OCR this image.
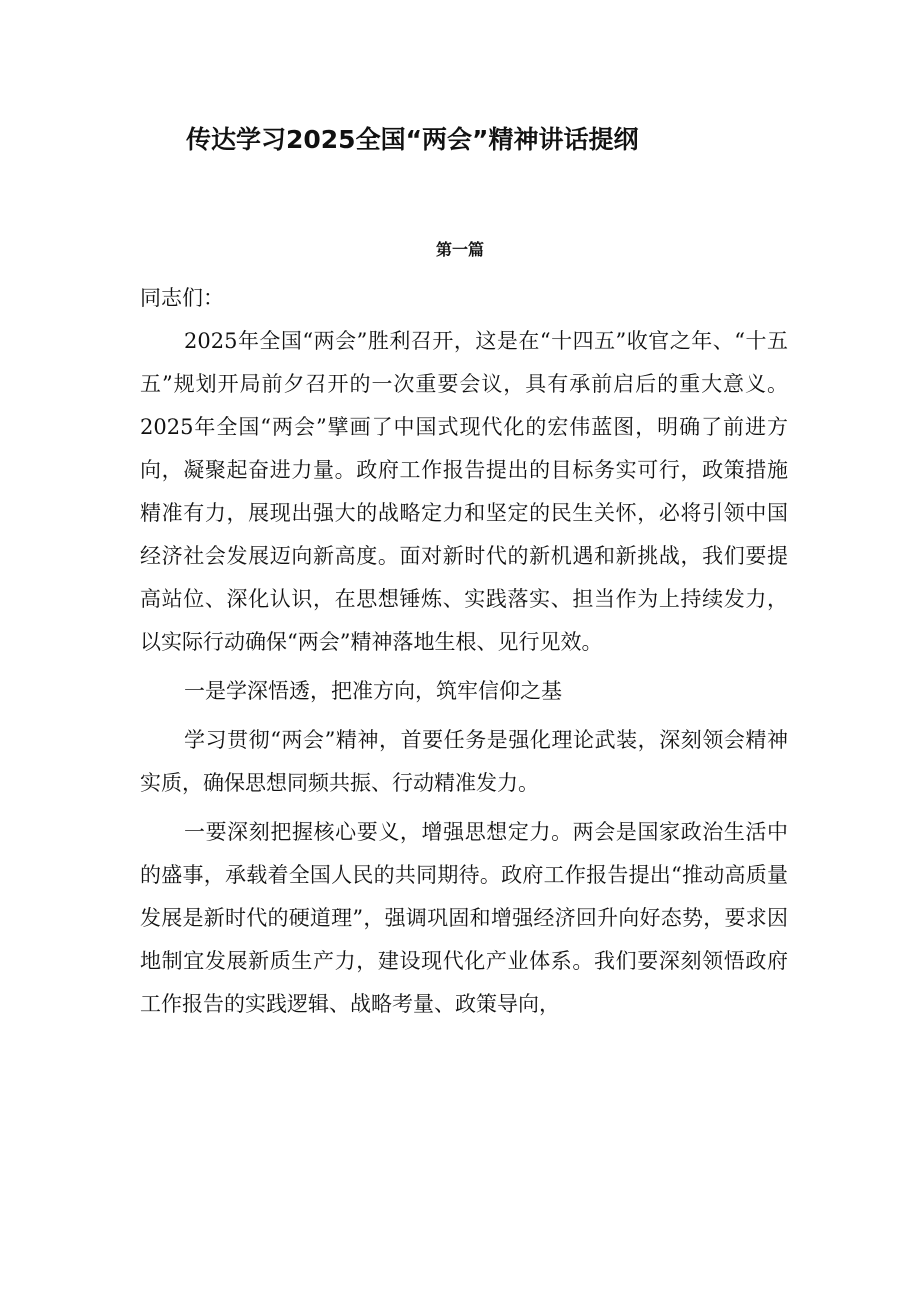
传达学习2025全国“两会”精神讲话提纲
第一篇

同志们：

2025年全国“两会”胜利召开，这是在“十四五”收官之年、“十五五”规划开局前夕召开的一次重要会议，具有承前启后的重大意义。2025年全国“两会”擘画了中国式现代化的宏伟蓝图，明确了前进方向，凝聚起奋进力量。政府工作报告提出的目标务实可行，政策措施精准有力，展现出强大的战略定力和坚定的民生关怀，必将引领中国经济社会发展迈向新高度。面对新时代的新机遇和新挑战，我们要提高站位、深化认识，在思想锤炼、实践落实、担当作为上持续发力，以实际行动确保“两会”精神落地生根、见行见效。

一是学深悟透，把准方向，筑牢信仰之基

学习贯彻“两会”精神，首要任务是强化理论武装，深刻领会精神实质，确保思想同频共振、行动精准发力。

一要深刻把握核心要义，增强思想定力。两会是国家政治生活中的盛事，承载着全国人民的共同期待。政府工作报告提出“推动高质量发展是新时代的硬道理”，强调巩固和增强经济回升向好态势，要求因地制宜发展新质生产力，建设现代化产业体系。我们要深刻领悟政府工作报告的实践逻辑、战略考量、政策导向，
